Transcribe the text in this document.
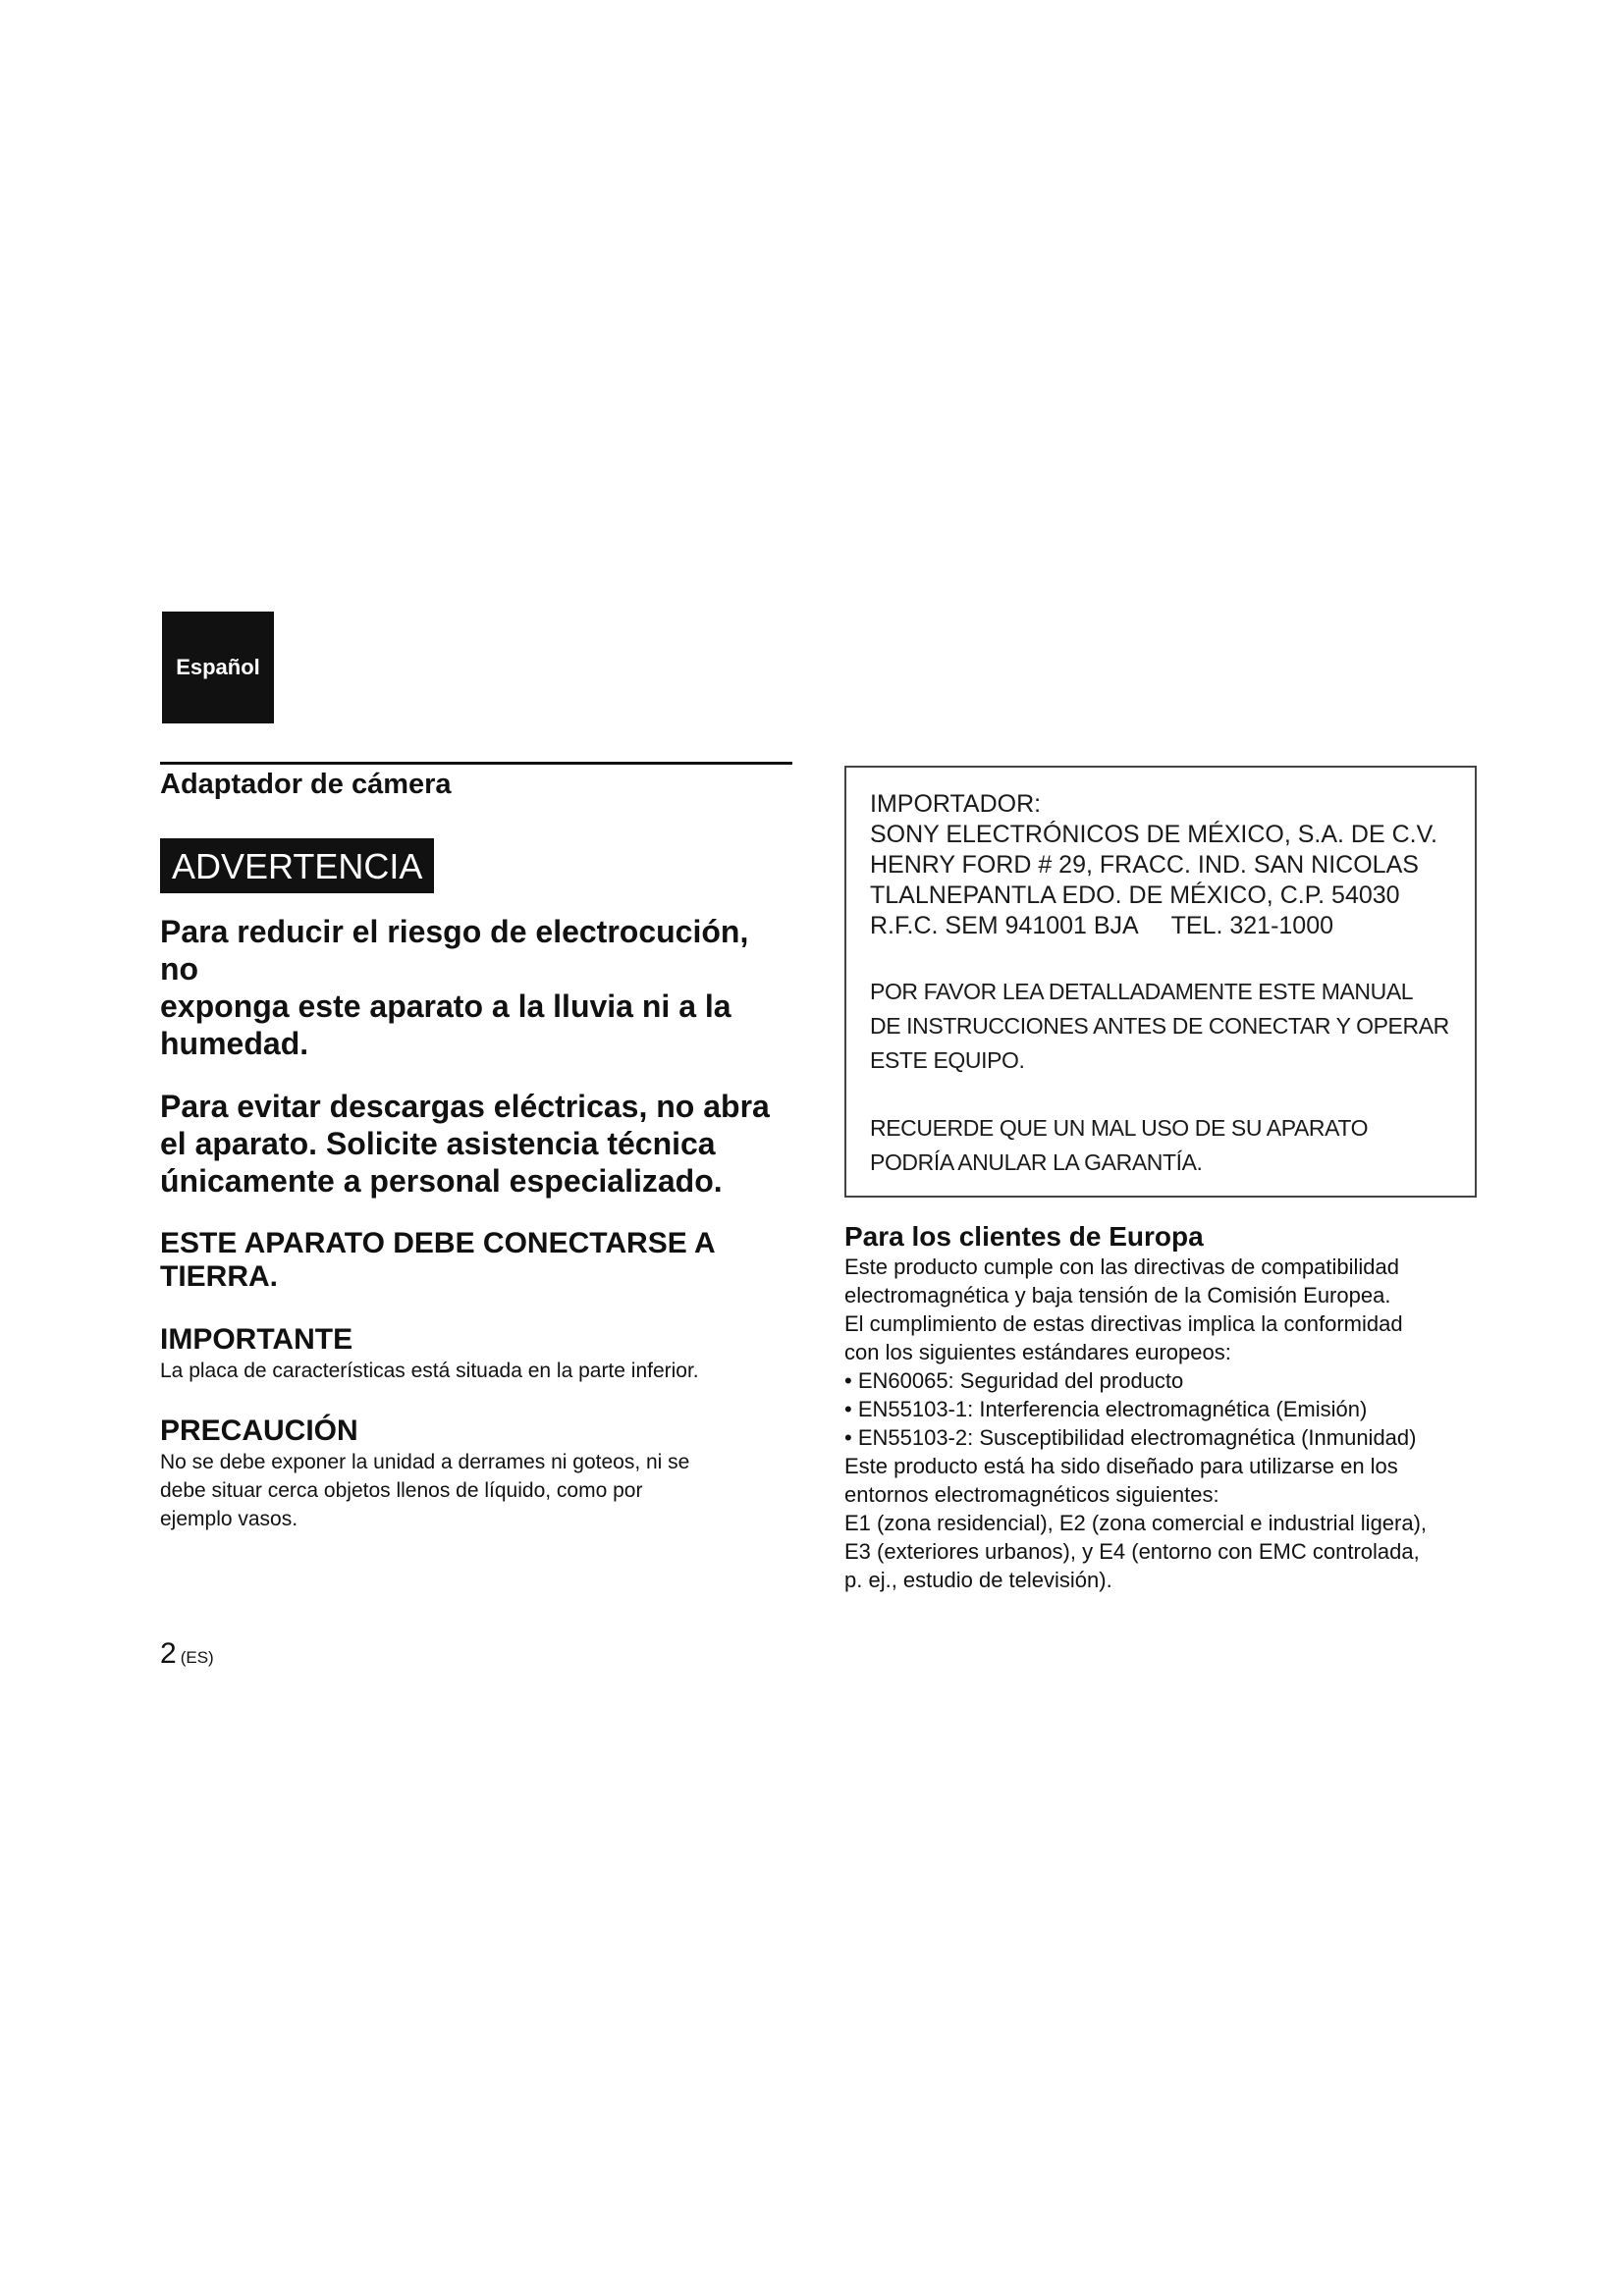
Español
Adaptador de cámera
ADVERTENCIA
Para reducir el riesgo de electrocución, no
exponga este aparato a la lluvia ni a la
humedad.
Para evitar descargas eléctricas, no abra
el aparato. Solicite asistencia técnica
únicamente a personal especializado.
ESTE APARATO DEBE CONECTARSE A
TIERRA.
IMPORTANTE
La placa de características está situada en la parte inferior.
PRECAUCIÓN
No se debe exponer la unidad a derrames ni goteos, ni se
debe situar cerca objetos llenos de líquido, como por
ejemplo vasos.
IMPORTADOR:
SONY ELECTRÓNICOS DE MÉXICO, S.A. DE C.V.
HENRY FORD # 29, FRACC. IND. SAN NICOLAS
TLALNEPANTLA EDO. DE MÉXICO, C.P. 54030
R.F.C. SEM 941001 BJA     TEL. 321-1000
POR FAVOR LEA DETALLADAMENTE ESTE MANUAL
DE INSTRUCCIONES ANTES DE CONECTAR Y OPERAR
ESTE EQUIPO.
RECUERDE QUE UN MAL USO DE SU APARATO
PODRÍA ANULAR LA GARANTÍA.
Para los clientes de Europa
Este producto cumple con las directivas de compatibilidad
electromagnética y baja tensión de la Comisión Europea.
El cumplimiento de estas directivas implica la conformidad
con los siguientes estándares europeos:
• EN60065: Seguridad del producto
• EN55103-1: Interferencia electromagnética (Emisión)
• EN55103-2: Susceptibilidad electromagnética (Inmunidad)
Este producto está ha sido diseñado para utilizarse en los
entornos electromagnéticos siguientes:
E1 (zona residencial), E2 (zona comercial e industrial ligera),
E3 (exteriores urbanos), y E4 (entorno con EMC controlada,
p. ej., estudio de televisión).
2 (ES)
